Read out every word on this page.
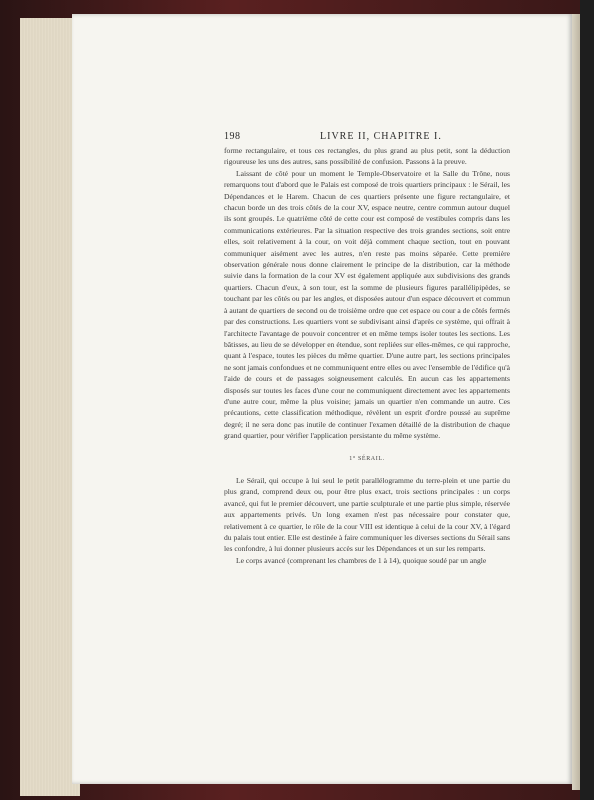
198	LIVRE II, CHAPITRE I.

forme rectangulaire, et tous ces rectangles, du plus grand au plus petit, sont la déduction rigoureuse les uns des autres, sans possibilité de confusion. Passons à la preuve.

Laissant de côté pour un moment le Temple-Observatoire et la Salle du Trône, nous remarquons tout d'abord que le Palais est composé de trois quartiers principaux : le Sérail, les Dépendances et le Harem. Chacun de ces quartiers présente une figure rectangulaire, et chacun borde un des trois côtés de la cour XV, espace neutre, centre commun autour duquel ils sont groupés. Le quatrième côté de cette cour est composé de vestibules compris dans les communications extérieures. Par la situation respective des trois grandes sections, soit entre elles, soit relativement à la cour, on voit déjà comment chaque section, tout en pouvant communiquer aisément avec les autres, n'en reste pas moins séparée. Cette première observation générale nous donne clairement le principe de la distribution, car la méthode suivie dans la formation de la cour XV est également appliquée aux subdivisions des grands quartiers. Chacun d'eux, à son tour, est la somme de plusieurs figures parallélipipèdes, se touchant par les côtés ou par les angles, et disposées autour d'un espace découvert et commun à autant de quartiers de second ou de troisième ordre que cet espace ou cour a de côtés fermés par des constructions. Les quartiers vont se subdivisant ainsi d'après ce système, qui offrait à l'architecte l'avantage de pouvoir concentrer et en même temps isoler toutes les sections. Les bâtisses, au lieu de se développer en étendue, sont repliées sur elles-mêmes, ce qui rapproche, quant à l'espace, toutes les pièces du même quartier. D'une autre part, les sections principales ne sont jamais confondues et ne communiquent entre elles ou avec l'ensemble de l'édifice qu'à l'aide de cours et de passages soigneusement calculés. En aucun cas les appartements disposés sur toutes les faces d'une cour ne communiquent directement avec les appartements d'une autre cour, même la plus voisine; jamais un quartier n'en commande un autre. Ces précautions, cette classification méthodique, révèlent un esprit d'ordre poussé au suprême degré; il ne sera donc pas inutile de continuer l'examen détaillé de la distribution de chaque grand quartier, pour vérifier l'application persistante du même système.

1° SÉRAIL.

Le Sérail, qui occupe à lui seul le petit parallélogramme du terre-plein et une partie du plus grand, comprend deux ou, pour être plus exact, trois sections principales : un corps avancé, qui fut le premier découvert, une partie sculpturale et une partie plus simple, réservée aux appartements privés. Un long examen n'est pas nécessaire pour constater que, relativement à ce quartier, le rôle de la cour VIII est identique à celui de la cour XV, à l'égard du palais tout entier. Elle est destinée à faire communiquer les diverses sections du Sérail sans les confondre, à lui donner plusieurs accès sur les Dépendances et un sur les remparts.

Le corps avancé (comprenant les chambres de 1 à 14), quoique soudé par un angle
